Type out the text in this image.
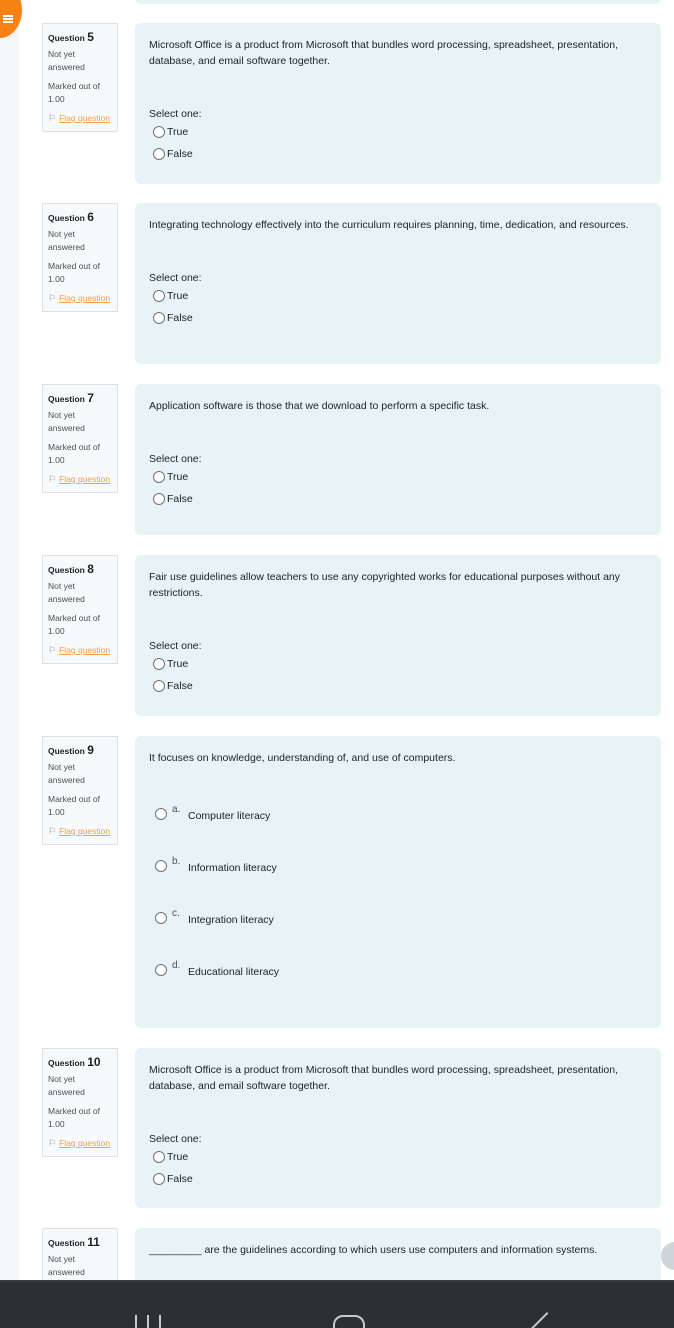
Question 5
Not yet answered
Marked out of 1.00
⚐ Flag question
Microsoft Office is a product from Microsoft that bundles word processing, spreadsheet, presentation, database, and email software together.
Select one:
True
False
Question 6
Not yet answered
Marked out of 1.00
⚐ Flag question
Integrating technology effectively into the curriculum requires planning, time, dedication, and resources.
Select one:
True
False
Question 7
Not yet answered
Marked out of 1.00
⚐ Flag question
Application software is those that we download to perform a specific task.
Select one:
True
False
Question 8
Not yet answered
Marked out of 1.00
⚐ Flag question
Fair use guidelines allow teachers to use any copyrighted works for educational purposes without any restrictions.
Select one:
True
False
Question 9
Not yet answered
Marked out of 1.00
⚐ Flag question
It focuses on knowledge, understanding of, and use of computers.
a.
Computer literacy
b.
Information literacy
c.
Integration literacy
d.
Educational literacy
Question 10
Not yet answered
Marked out of 1.00
⚐ Flag question
Microsoft Office is a product from Microsoft that bundles word processing, spreadsheet, presentation, database, and email software together.
Select one:
True
False
Question 11
Not yet answered
_________ are the guidelines according to which users use computers and information systems.
